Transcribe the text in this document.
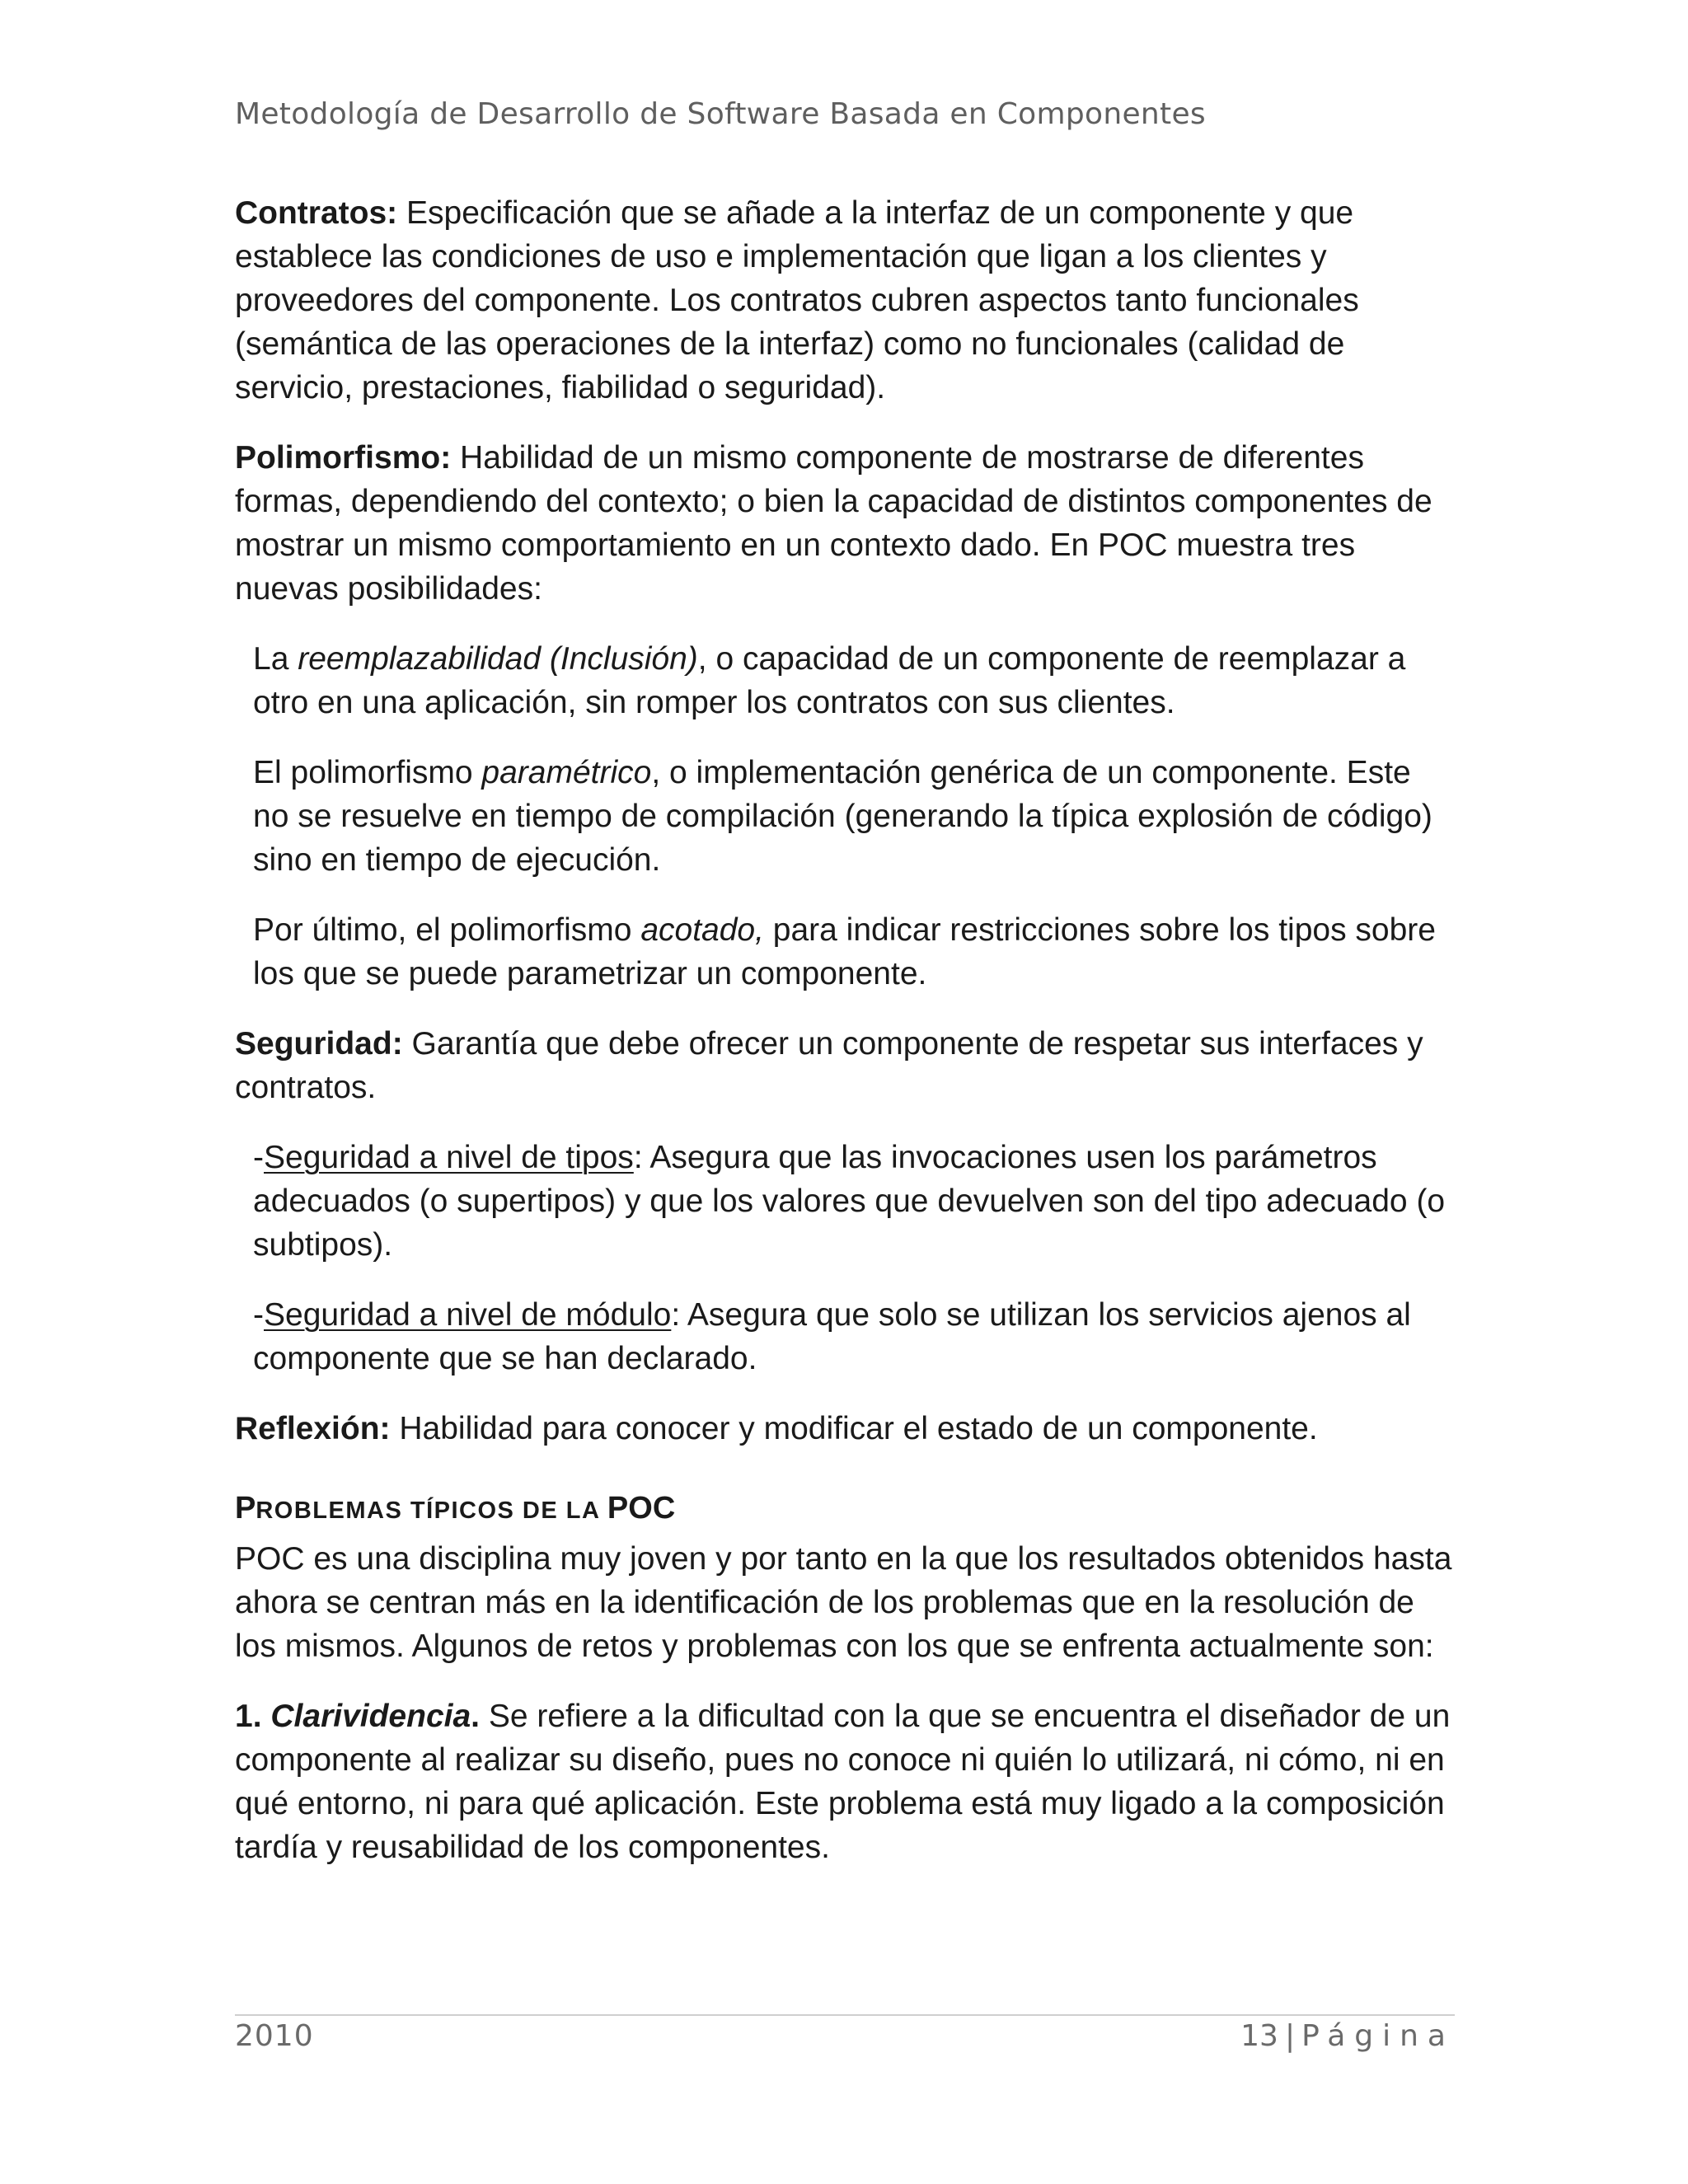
Metodología de Desarrollo de Software Basada en Componentes

Contratos: Especificación que se añade a la interfaz de un componente y que establece las condiciones de uso e implementación que ligan a los clientes y proveedores del componente. Los contratos cubren aspectos tanto funcionales (semántica de las operaciones de la interfaz) como no funcionales (calidad de servicio, prestaciones, fiabilidad o seguridad).

Polimorfismo: Habilidad de un mismo componente de mostrarse de diferentes formas, dependiendo del contexto; o bien la capacidad de distintos componentes de mostrar un mismo comportamiento en un contexto dado. En POC muestra tres nuevas posibilidades:

La reemplazabilidad (Inclusión), o capacidad de un componente de reemplazar a otro en una aplicación, sin romper los contratos con sus clientes.

El polimorfismo paramétrico, o implementación genérica de un componente. Este no se resuelve en tiempo de compilación (generando la típica explosión de código) sino en tiempo de ejecución.

Por último, el polimorfismo acotado, para indicar restricciones sobre los tipos sobre los que se puede parametrizar un componente.

Seguridad: Garantía que debe ofrecer un componente de respetar sus interfaces y contratos.

-Seguridad a nivel de tipos: Asegura que las invocaciones usen los parámetros adecuados (o supertipos) y que los valores que devuelven son del tipo adecuado (o subtipos).

-Seguridad a nivel de módulo: Asegura que solo se utilizan los servicios ajenos al componente que se han declarado.

Reflexión: Habilidad para conocer y modificar el estado de un componente.

PROBLEMAS TÍPICOS DE LA POC

POC es una disciplina muy joven y por tanto en la que los resultados obtenidos hasta ahora se centran más en la identificación de los problemas que en la resolución de los mismos. Algunos de retos y problemas con los que se enfrenta actualmente son:

1. Clarividencia. Se refiere a la dificultad con la que se encuentra el diseñador de un componente al realizar su diseño, pues no conoce ni quién lo utilizará, ni cómo, ni en qué entorno, ni para qué aplicación. Este problema está muy ligado a la composición tardía y reusabilidad de los componentes.

2010	13 | Página
